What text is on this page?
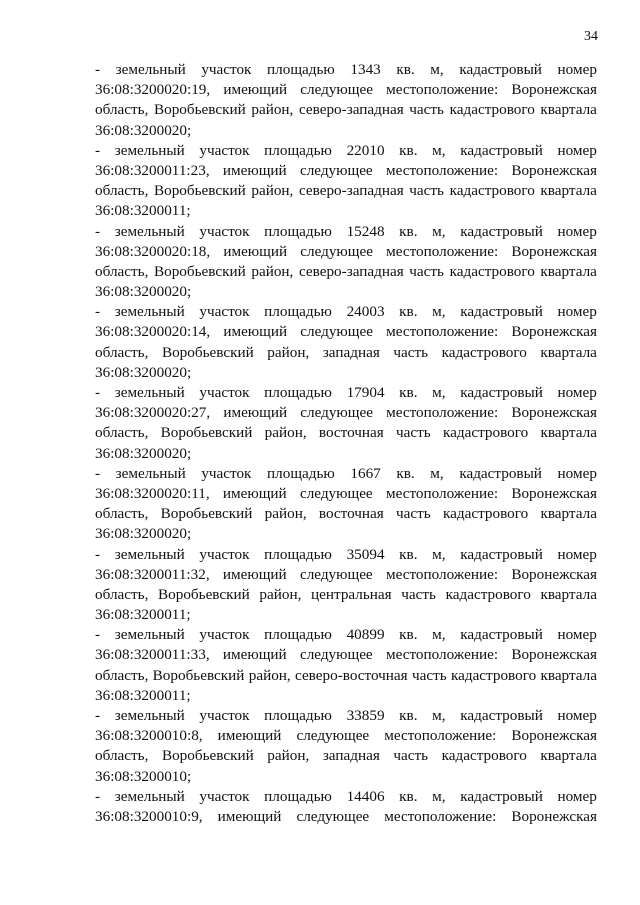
34
- земельный участок площадью 1343 кв. м, кадастровый номер
36:08:3200020:19, имеющий следующее местоположение: Воронежская
область, Воробьевский район, северо-западная часть кадастрового квартала
36:08:3200020;
- земельный участок площадью 22010 кв. м, кадастровый номер
36:08:3200011:23, имеющий следующее местоположение: Воронежская
область, Воробьевский район, северо-западная часть кадастрового квартала
36:08:3200011;
- земельный участок площадью 15248 кв. м, кадастровый номер
36:08:3200020:18, имеющий следующее местоположение: Воронежская
область, Воробьевский район, северо-западная часть кадастрового квартала
36:08:3200020;
- земельный участок площадью 24003 кв. м, кадастровый номер
36:08:3200020:14, имеющий следующее местоположение: Воронежская
область, Воробьевский район, западная часть кадастрового квартала
36:08:3200020;
- земельный участок площадью 17904 кв. м, кадастровый номер
36:08:3200020:27, имеющий следующее местоположение: Воронежская
область, Воробьевский район, восточная часть кадастрового квартала
36:08:3200020;
- земельный участок площадью 1667 кв. м, кадастровый номер
36:08:3200020:11, имеющий следующее местоположение: Воронежская
область, Воробьевский район, восточная часть кадастрового квартала
36:08:3200020;
- земельный участок площадью 35094 кв. м, кадастровый номер
36:08:3200011:32, имеющий следующее местоположение: Воронежская
область, Воробьевский район, центральная часть кадастрового квартала
36:08:3200011;
- земельный участок площадью 40899 кв. м, кадастровый номер
36:08:3200011:33, имеющий следующее местоположение: Воронежская
область, Воробьевский район, северо-восточная часть кадастрового квартала
36:08:3200011;
- земельный участок площадью 33859 кв. м, кадастровый номер
36:08:3200010:8, имеющий следующее местоположение: Воронежская
область, Воробьевский район, западная часть кадастрового квартала
36:08:3200010;
- земельный участок площадью 14406 кв. м, кадастровый номер
36:08:3200010:9, имеющий следующее местоположение: Воронежская
